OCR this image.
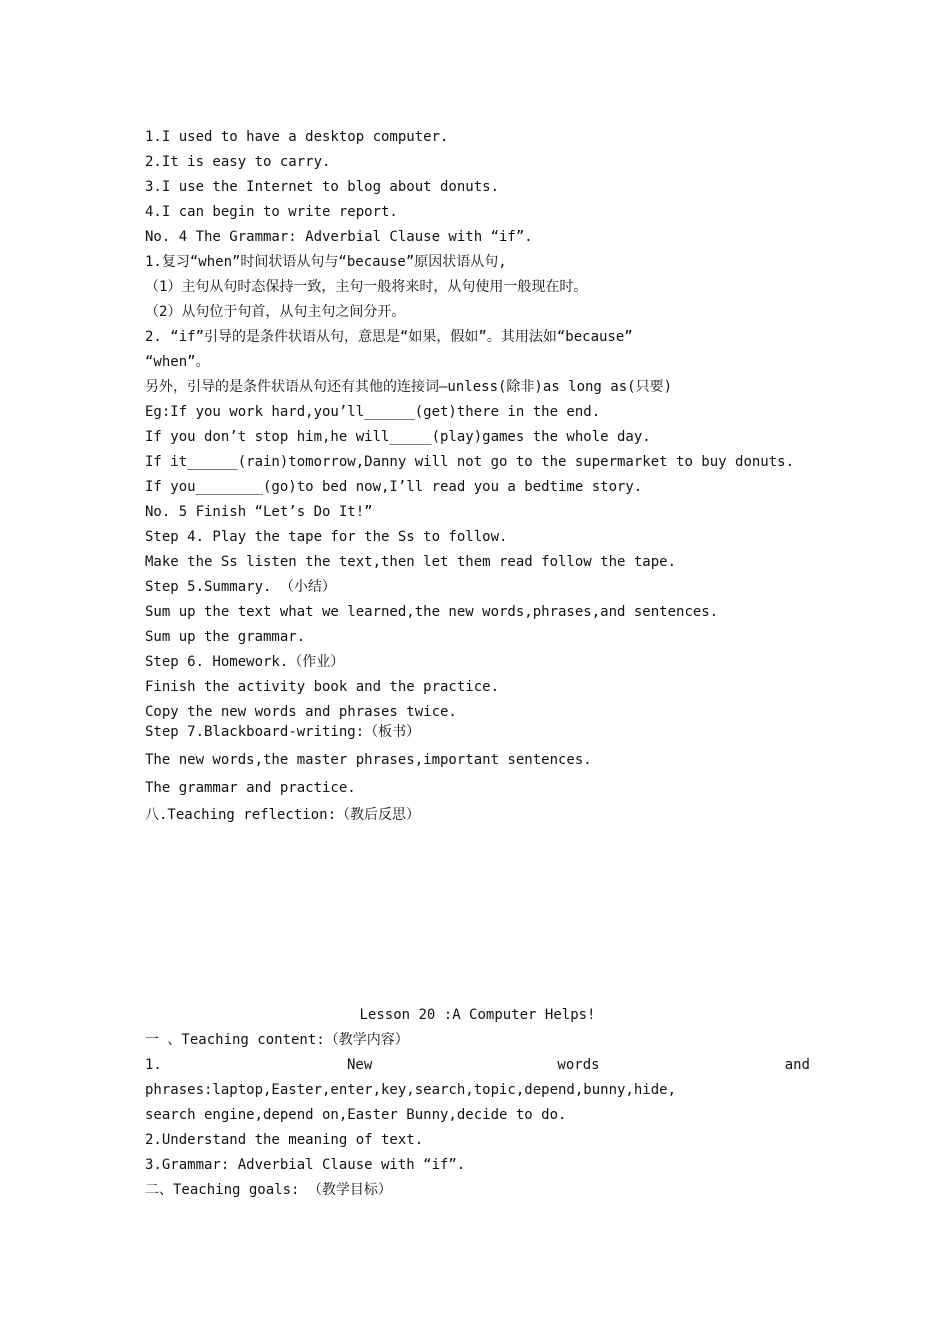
1.I used to have a desktop computer.
2.It is easy to carry.
3.I use the Internet to blog about donuts.
4.I can begin to write report.
No. 4 The Grammar: Adverbial Clause with “if”.
1.复习“when”时间状语从句与“because”原因状语从句,
（1）主句从句时态保持一致，主句一般将来时，从句使用一般现在时。
（2）从句位于句首，从句主句之间分开。
2. “if”引导的是条件状语从句，意思是“如果，假如”。其用法如“because”
“when”。
另外，引导的是条件状语从句还有其他的连接词—unless(除非)as long as(只要)
Eg:If you work hard,you’ll______(get)there in the end.
If you don’t stop him,he will_____(play)games the whole day.
If it______(rain)tomorrow,Danny will not go to the supermarket to buy donuts.
If you________(go)to bed now,I’ll read you a bedtime story.
No. 5 Finish “Let’s Do It!”
Step 4. Play the tape for the Ss to follow.
Make the Ss listen the text,then let them read follow the tape.
Step 5.Summary. （小结）
Sum up the text what we learned,the new words,phrases,and sentences.
Sum up the grammar.
Step 6. Homework.（作业）
Finish the activity book and the practice.
Copy the new words and phrases twice.
Step 7.Blackboard-writing:（板书）
The new words,the master phrases,important sentences.
The grammar and practice.
八.Teaching reflection:（教后反思）
Lesson 20 :A Computer Helps!
一 、Teaching content:（教学内容）
1.	New	words	and
phrases:laptop,Easter,enter,key,search,topic,depend,bunny,hide,
search engine,depend on,Easter Bunny,decide to do.
2.Understand the meaning of text.
3.Grammar: Adverbial Clause with “if”.
二、Teaching goals: （教学目标）
